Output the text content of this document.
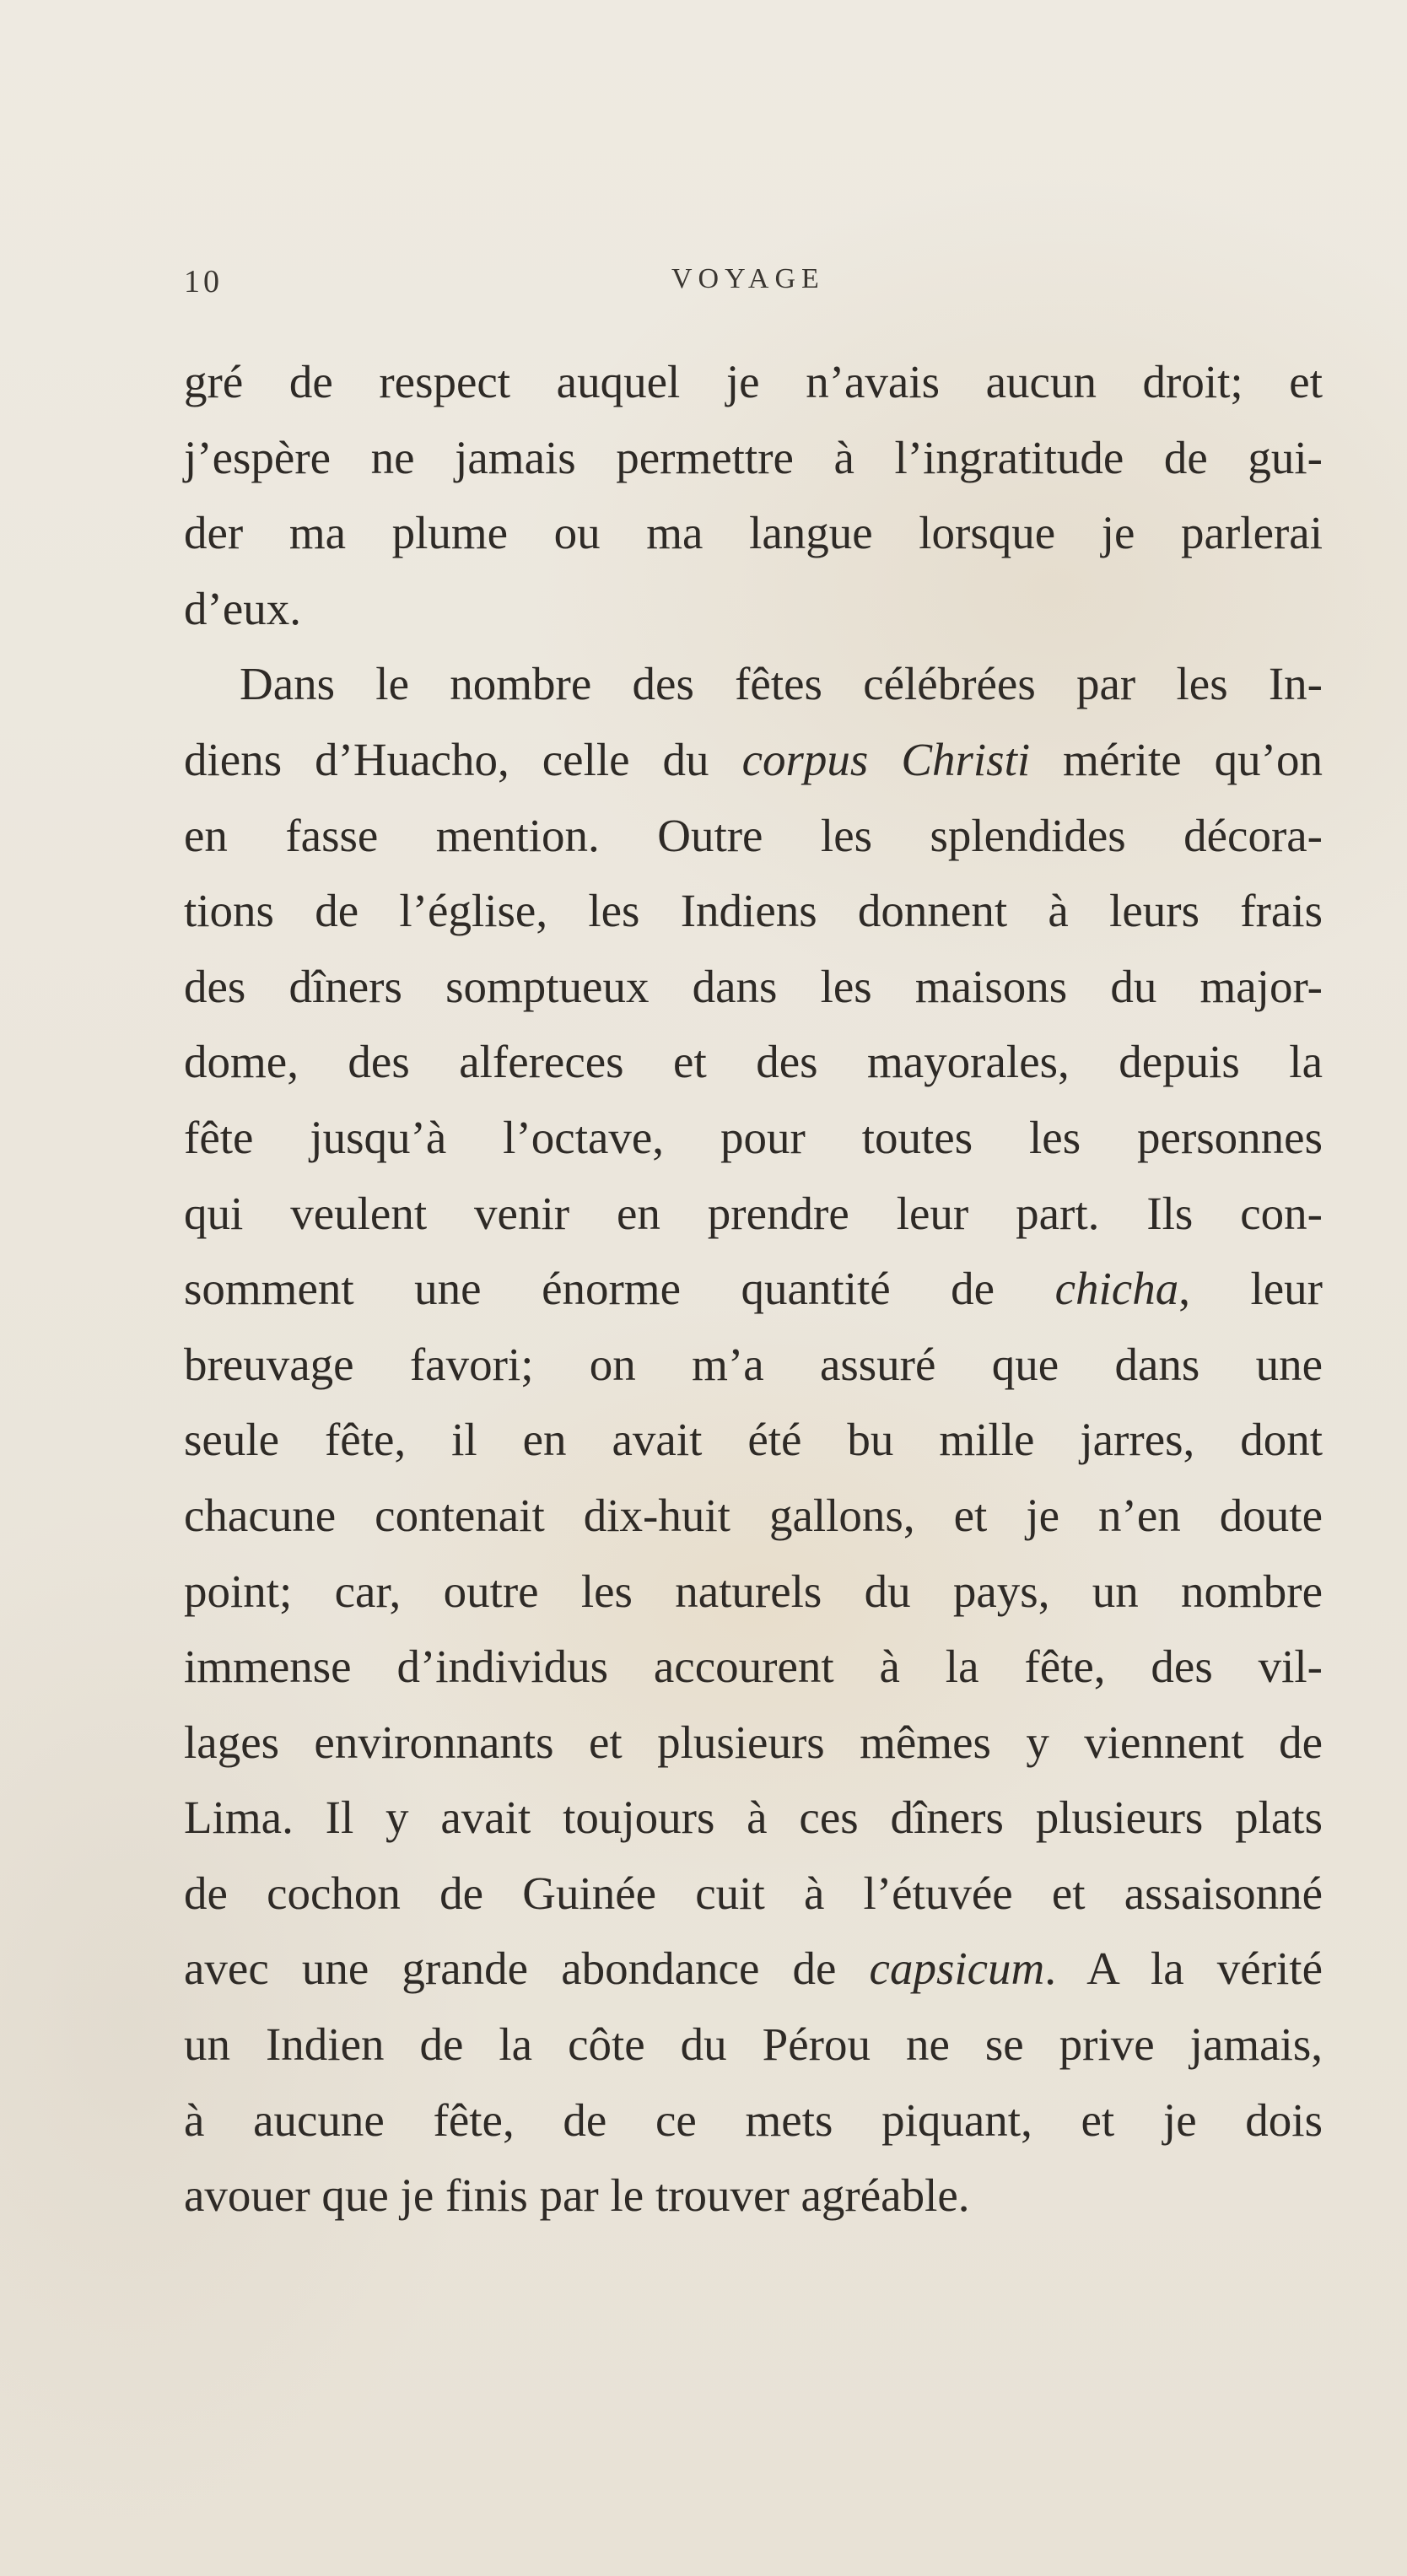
10	VOYAGE
gré de respect auquel je n’avais aucun droit; et
j’espère ne jamais permettre à l’ingratitude de gui-
der ma plume ou ma langue lorsque je parlerai
d’eux.
Dans le nombre des fêtes célébrées par les In-
diens d’Huacho, celle du corpus Christi mérite qu’on
en fasse mention. Outre les splendides décora-
tions de l’église, les Indiens donnent à leurs frais
des dîners somptueux dans les maisons du major-
dome, des alfereces et des mayorales, depuis la
fête jusqu’à l’octave, pour toutes les personnes
qui veulent venir en prendre leur part. Ils con-
somment une énorme quantité de chicha, leur
breuvage favori; on m’a assuré que dans une
seule fête, il en avait été bu mille jarres, dont
chacune contenait dix-huit gallons, et je n’en doute
point; car, outre les naturels du pays, un nombre
immense d’individus accourent à la fête, des vil-
lages environnants et plusieurs mêmes y viennent de
Lima. Il y avait toujours à ces dîners plusieurs plats
de cochon de Guinée cuit à l’étuvée et assaisonné
avec une grande abondance de capsicum. A la vérité
un Indien de la côte du Pérou ne se prive jamais,
à aucune fête, de ce mets piquant, et je dois
avouer que je finis par le trouver agréable.
